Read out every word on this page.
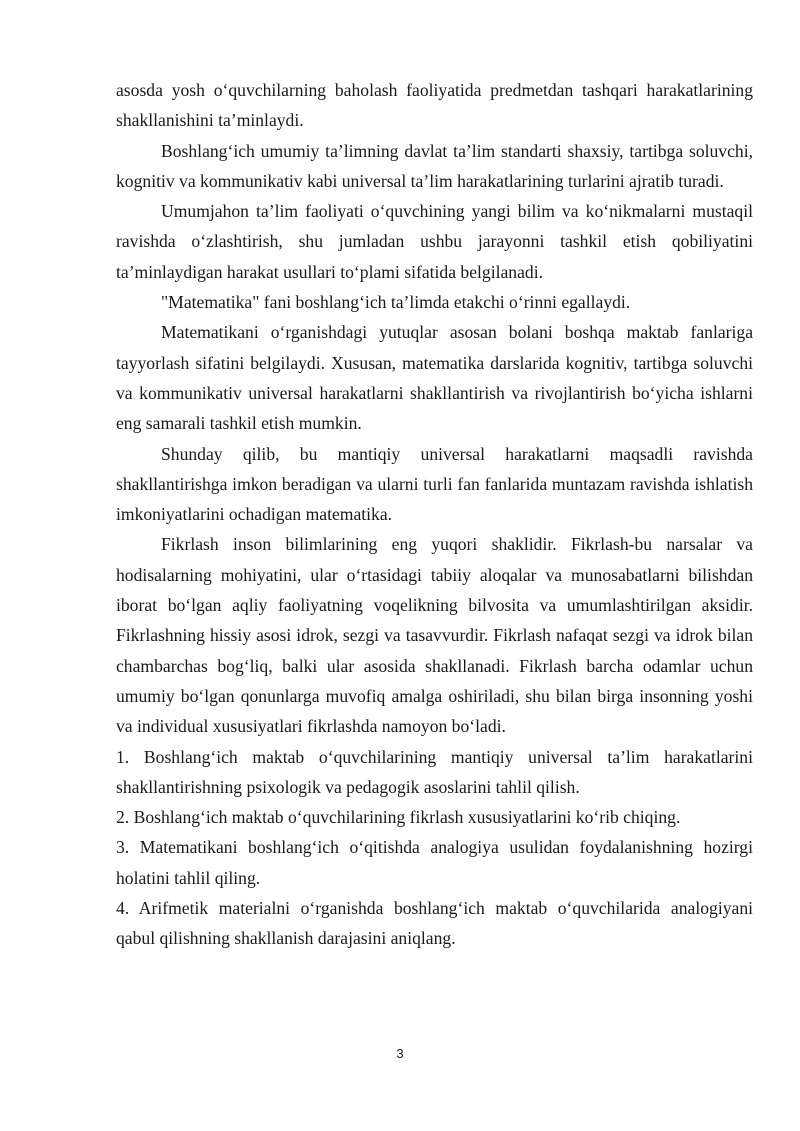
asosda yosh o‘quvchilarning baholash faoliyatida predmetdan tashqari harakatlarining shakllanishini ta’minlaydi.

Boshlang‘ich umumiy ta’limning davlat ta’lim standarti shaxsiy, tartibga soluvchi, kognitiv va kommunikativ kabi universal ta’lim harakatlarining turlarini ajratib turadi.

Umumjahon ta’lim faoliyati o‘quvchining yangi bilim va ko‘nikmalarni mustaqil ravishda o‘zlashtirish, shu jumladan ushbu jarayonni tashkil etish qobiliyatini ta’minlaydigan harakat usullari to‘plami sifatida belgilanadi.

"Matematika" fani boshlang‘ich ta’limda etakchi o‘rinni egallaydi.

Matematikani o‘rganishdagi yutuqlar asosan bolani boshqa maktab fanlariga tayyorlash sifatini belgilaydi. Xususan, matematika darslarida kognitiv, tartibga soluvchi va kommunikativ universal harakatlarni shakllantirish va rivojlantirish bo‘yicha ishlarni eng samarali tashkil etish mumkin.

Shunday qilib, bu mantiqiy universal harakatlarni maqsadli ravishda shakllantirishga imkon beradigan va ularni turli fan fanlarida muntazam ravishda ishlatish imkoniyatlarini ochadigan matematika.

Fikrlash inson bilimlarining eng yuqori shaklidir. Fikrlash-bu narsalar va hodisalarning mohiyatini, ular o‘rtasidagi tabiiy aloqalar va munosabatlarni bilishdan iborat bo‘lgan aqliy faoliyatning voqelikning bilvosita va umumlashtirilgan aksidir. Fikrlashning hissiy asosi idrok, sezgi va tasavvurdir. Fikrlash nafaqat sezgi va idrok bilan chambarchas bog‘liq, balki ular asosida shakllanadi. Fikrlash barcha odamlar uchun umumiy bo‘lgan qonunlarga muvofiq amalga oshiriladi, shu bilan birga insonning yoshi va individual xususiyatlari fikrlashda namoyon bo‘ladi.

1. Boshlang‘ich maktab o‘quvchilarining mantiqiy universal ta’lim harakatlarini shakllantirishning psixologik va pedagogik asoslarini tahlil qilish.

2. Boshlang‘ich maktab o‘quvchilarining fikrlash xususiyatlarini ko‘rib chiqing.

3. Matematikani boshlang‘ich o‘qitishda analogiya usulidan foydalanishning hozirgi holatini tahlil qiling.

4. Arifmetik materialni o‘rganishda boshlang‘ich maktab o‘quvchilarida analogiyani qabul qilishning shakllanish darajasini aniqlang.

3
